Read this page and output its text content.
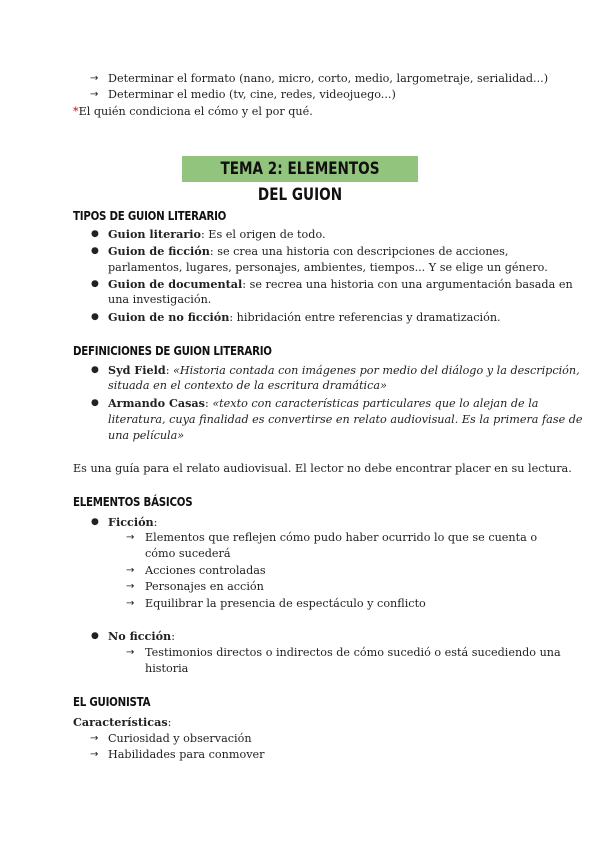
→ Determinar el formato (nano, micro, corto, medio, largometraje, serialidad...)
→ Determinar el medio (tv, cine, redes, videojuego...)
*El quién condiciona el cómo y el por qué.
TEMA 2: ELEMENTOS DEL GUION
TIPOS DE GUION LITERARIO
● Guion literario: Es el origen de todo.
● Guion de ficción: se crea una historia con descripciones de acciones,
parlamentos, lugares, personajes, ambientes, tiempos... Y se elige un género.
● Guion de documental: se recrea una historia con una argumentación basada en
una investigación.
● Guion de no ficción: hibridación entre referencias y dramatización.
DEFINICIONES DE GUION LITERARIO
● Syd Field: «Historia contada con imágenes por medio del diálogo y la descripción,
situada en el contexto de la escritura dramática»
● Armando Casas: «texto con características particulares que lo alejan de la
literatura, cuya finalidad es convertirse en relato audiovisual. Es la primera fase de
una película»
Es una guía para el relato audiovisual. El lector no debe encontrar placer en su lectura.
ELEMENTOS BÁSICOS
● Ficción:
→ Elementos que reflejen cómo pudo haber ocurrido lo que se cuenta o
cómo sucederá
→ Acciones controladas
→ Personajes en acción
→ Equilibrar la presencia de espectáculo y conflicto
● No ficción:
→ Testimonios directos o indirectos de cómo sucedió o está sucediendo una
historia
EL GUIONISTA
Características:
→ Curiosidad y observación
→ Habilidades para conmover
